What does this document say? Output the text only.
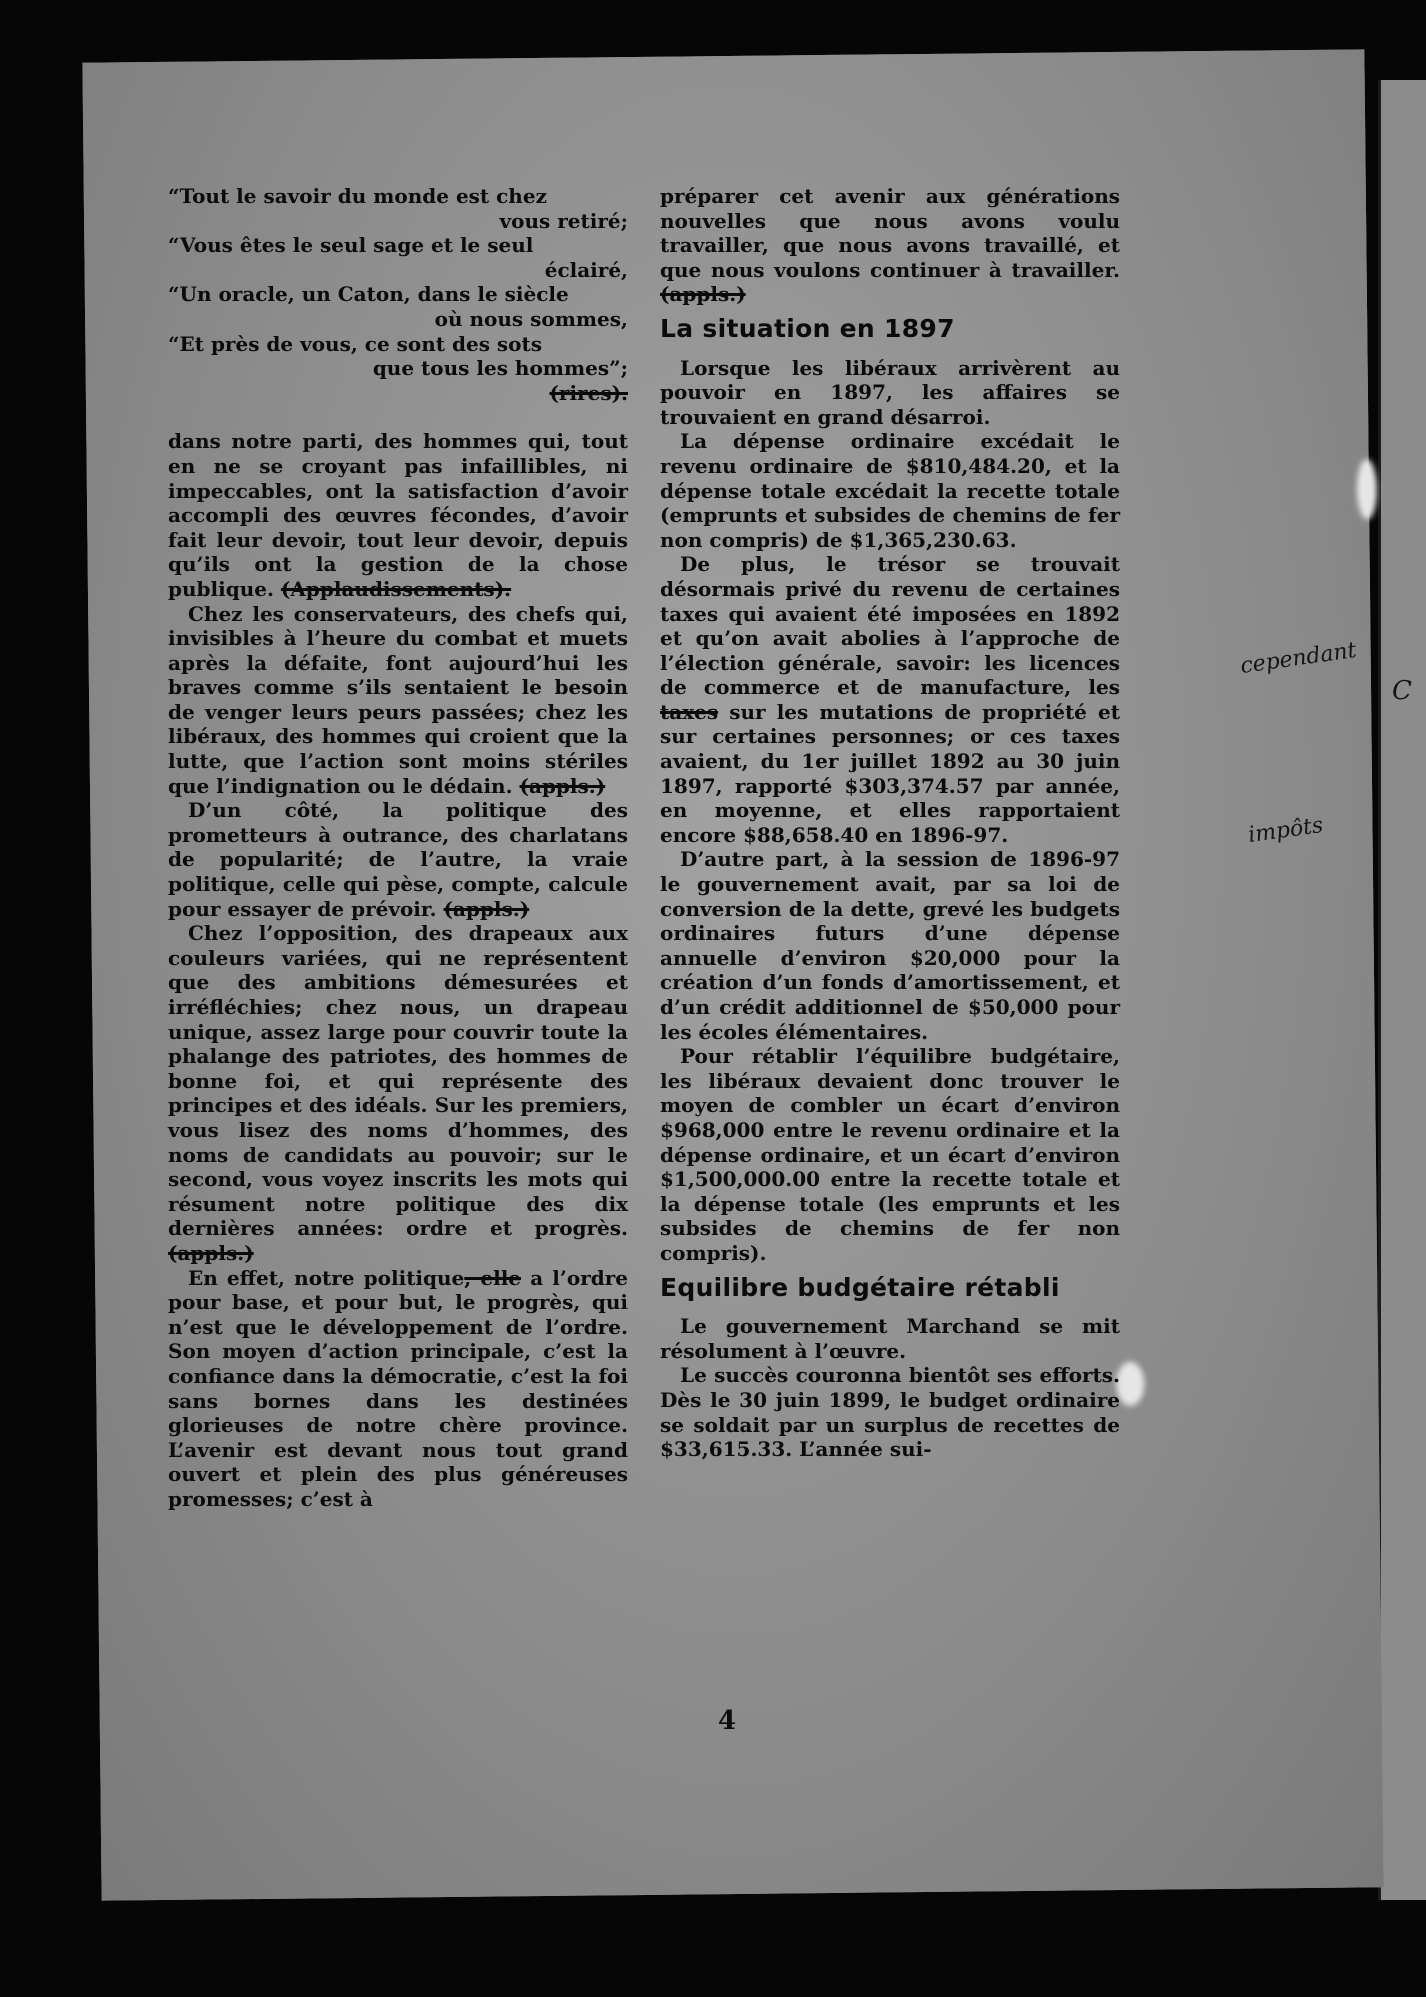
“Tout le savoir du monde est chez
vous retiré;
“Vous êtes le seul sage et le seul
éclairé,
“Un oracle, un Caton, dans le siècle
où nous sommes,
“Et près de vous, ce sont des sots
que tous les hommes”;
(rires).

dans notre parti, des hommes qui, tout en ne se croyant pas infaillibles, ni impeccables, ont la satisfaction d’avoir accompli des œuvres fécondes, d’avoir fait leur devoir, tout leur devoir, depuis qu’ils ont la gestion de la chose publique. (Applaudissements).

Chez les conservateurs, des chefs qui, invisibles à l’heure du combat et muets après la défaite, font aujourd’hui les braves comme s’ils sentaient le besoin de venger leurs peurs passées; chez les libéraux, des hommes qui croient que la lutte, que l’action sont moins stériles que l’indignation ou le dédain. (appls.)

D’un côté, la politique des prometteurs à outrance, des charlatans de popularité; de l’autre, la vraie politique, celle qui pèse, compte, calcule pour essayer de prévoir. (appls.)

Chez l’opposition, des drapeaux aux couleurs variées, qui ne représentent que des ambitions démesurées et irréfléchies; chez nous, un drapeau unique, assez large pour couvrir toute la phalange des patriotes, des hommes de bonne foi, et qui représente des principes et des idéals. Sur les premiers, vous lisez des noms d’hommes, des noms de candidats au pouvoir; sur le second, vous voyez inscrits les mots qui résument notre politique des dix dernières années: ordre et progrès. (appls.)

En effet, notre politique, elle a l’ordre pour base, et pour but, le progrès, qui n’est que le développement de l’ordre. Son moyen d’action principale, c’est la confiance dans la démocratie, c’est la foi sans bornes dans les destinées glorieuses de notre chère province. L’avenir est devant nous tout grand ouvert et plein des plus généreuses promesses; c’est à

préparer cet avenir aux générations nouvelles que nous avons voulu travailler, que nous avons travaillé, et que nous voulons continuer à travailler. (appls.)

La situation en 1897

Lorsque les libéraux arrivèrent au pouvoir en 1897, les affaires se trouvaient en grand désarroi.

La dépense ordinaire excédait le revenu ordinaire de $810,484.20, et la dépense totale excédait la recette totale (emprunts et subsides de chemins de fer non compris) de $1,365,230.63.

De plus, le trésor se trouvait désormais privé du revenu de certaines taxes qui avaient été imposées en 1892 et qu’on avait abolies à l’approche de l’élection générale, savoir: les licences de commerce et de manufacture, les taxes sur les mutations de propriété et sur certaines personnes; or ces taxes avaient, du 1er juillet 1892 au 30 juin 1897, rapporté $303,374.57 par année, en moyenne, et elles rapportaient encore $88,658.40 en 1896-97.

D’autre part, à la session de 1896-97 le gouvernement avait, par sa loi de conversion de la dette, grevé les budgets ordinaires futurs d’une dépense annuelle d’environ $20,000 pour la création d’un fonds d’amortissement, et d’un crédit additionnel de $50,000 pour les écoles élémentaires.

Pour rétablir l’équilibre budgétaire, les libéraux devaient donc trouver le moyen de combler un écart d’environ $968,000 entre le revenu ordinaire et la dépense ordinaire, et un écart d’environ $1,500,000.00 entre la recette totale et la dépense totale (les emprunts et les subsides de chemins de fer non compris).

Equilibre budgétaire rétabli

Le gouvernement Marchand se mit résolument à l’œuvre.

Le succès couronna bientôt ses efforts. Dès le 30 juin 1899, le budget ordinaire se soldait par un surplus de recettes de $33,615.33. L’année sui-

4
cependant
impôts
C
